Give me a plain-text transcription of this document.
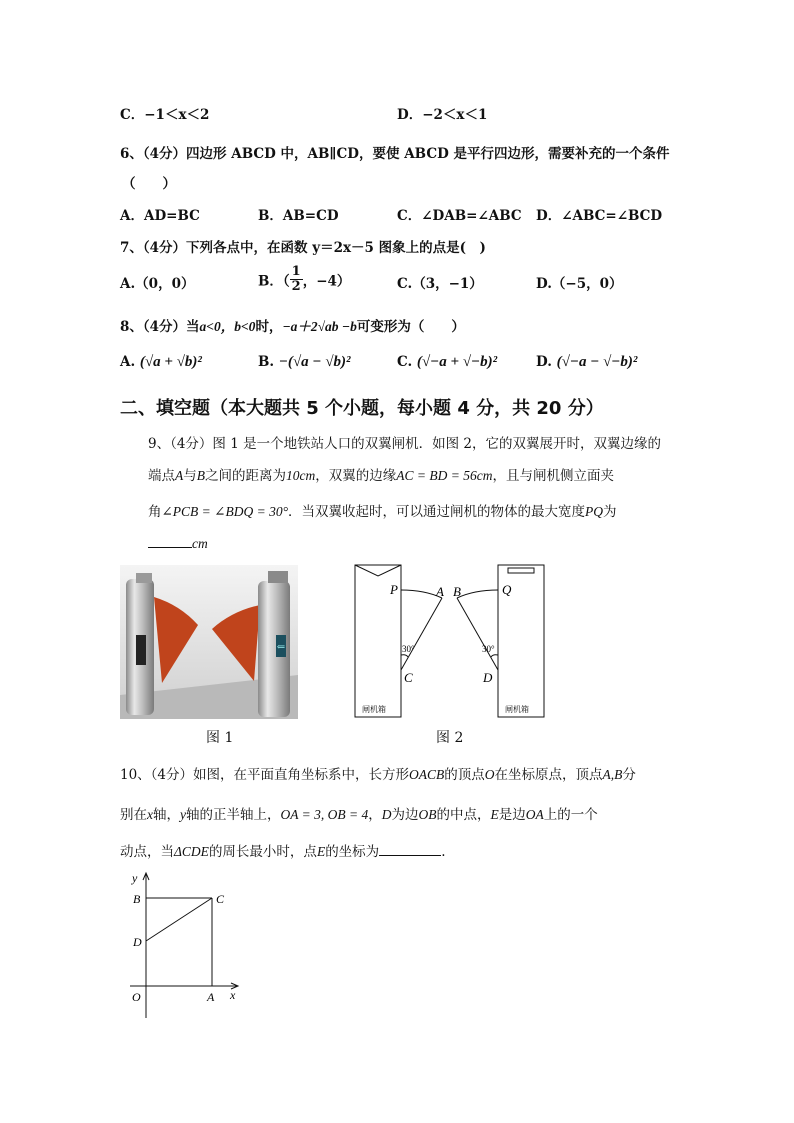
C．−1＜x＜2	D．−2＜x＜1
6、（4分）四边形 ABCD 中，AB∥CD，要使 ABCD 是平行四边形，需要补充的一个条件
（　　）
A．AD=BC	B．AB=CD	C．∠DAB=∠ABC D．∠ABC=∠BCD
7、（4分）下列各点中，在函数 y＝2x－5 图象上的点是(　)
A.（0，0）	B．（ $\frac{1}{2}$ ，−4）	C.（3，−1）	D.（−5，0）
8、（4分）当a<0，b<0时，−a＋2√ab −b可变形为（　　）
A. (√a + √b)²	B. −(√a − √b)²	C. (√−a + √−b)²	D. (√−a − √−b)²
二、填空题（本大题共 5 个小题，每小题 4 分，共 20 分）
9、（4分）图 1 是一个地铁站人口的双翼闸机．如图 2，它的双翼展开时，双翼边缘的
端点A与B之间的距离为10cm，双翼的边缘AC = BD = 56cm，且与闸机侧立面夹
角∠PCB = ∠BDQ = 30°．当双翼收起时，可以通过闸机的物体的最大宽度PQ为
cm
⇐
P	A B	Q
C	D
30°	30°
闸机箱	闸机箱
图 1	图 2
10、（4分）如图，在平面直角坐标系中，长方形OACB的顶点O在坐标原点，顶点A,B分
别在x轴，y轴的正半轴上，OA = 3, OB = 4，D为边OB的中点，E是边OA上的一个
动点，当ΔCDE的周长最小时，点E的坐标为	.
y
x
O	A
B	C
D
